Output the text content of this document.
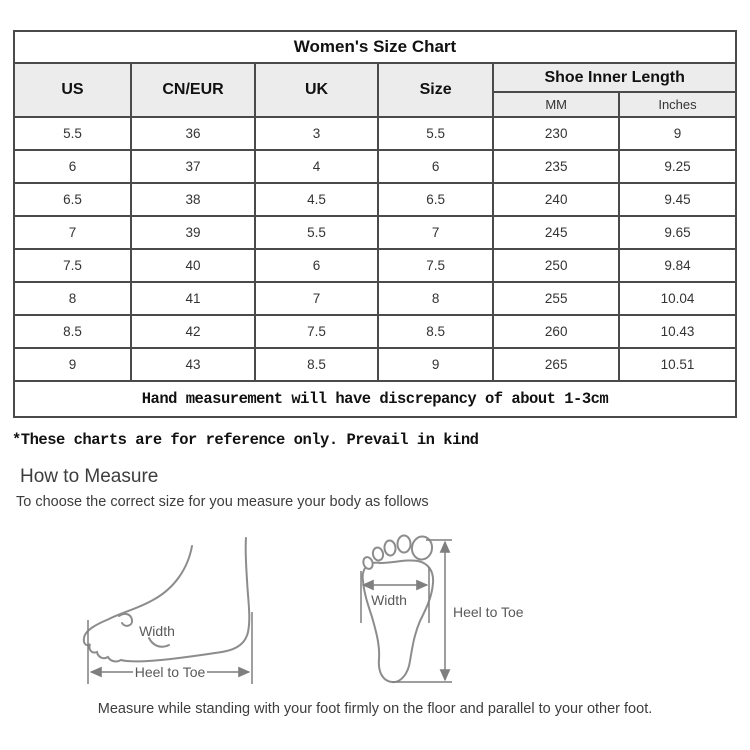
Women's Size Chart					
US	CN/EUR	UK	Size	Shoe Inner Length	
				MM	Inches
5.5	36	3	5.5	230	9
6	37	4	6	235	9.25
6.5	38	4.5	6.5	240	9.45
7	39	5.5	7	245	9.65
7.5	40	6	7.5	250	9.84
8	41	7	8	255	10.04
8.5	42	7.5	8.5	260	10.43
9	43	8.5	9	265	10.51
Hand measurement will have discrepancy of about 1-3cm					
*These charts are for reference only. Prevail in kind
How to Measure
To choose the correct size for you measure your body as follows
Width
Heel to Toe
Width
Heel to Toe
Measure while standing with your foot firmly on the floor and parallel to your other foot.
